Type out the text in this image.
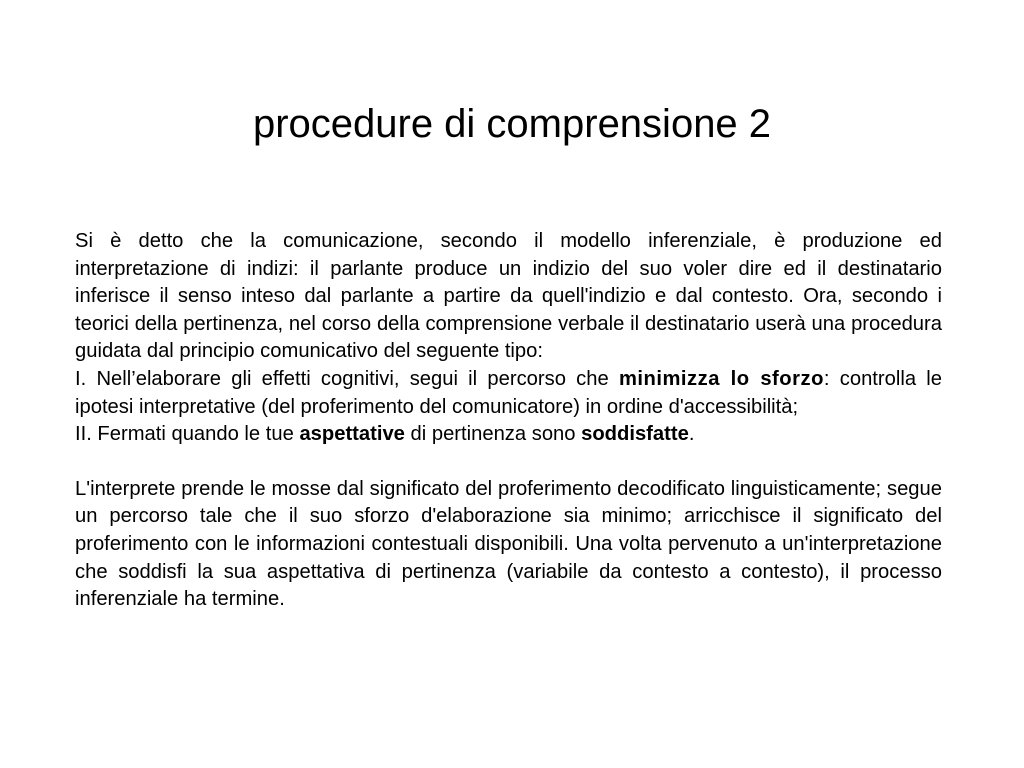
procedure di comprensione 2

Si è detto che la comunicazione, secondo il modello inferenziale, è produzione ed interpretazione di indizi: il parlante produce un indizio del suo voler dire ed il destinatario inferisce il senso inteso dal parlante a partire da quell'indizio e dal contesto. Ora, secondo i teorici della pertinenza, nel corso della comprensione verbale il destinatario userà una procedura guidata dal principio comunicativo del seguente tipo:
I. Nell’elaborare gli effetti cognitivi, segui il percorso che minimizza lo sforzo: controlla le ipotesi interpretative (del proferimento del comunicatore) in ordine d'accessibilità;
II. Fermati quando le tue aspettative di pertinenza sono soddisfatte.

L'interprete prende le mosse dal significato del proferimento decodificato linguisticamente; segue un percorso tale che il suo sforzo d'elaborazione sia minimo; arricchisce il significato del proferimento con le informazioni contestuali disponibili. Una volta pervenuto a un'interpretazione che soddisfi la sua aspettativa di pertinenza (variabile da contesto a contesto), il processo inferenziale ha termine.
